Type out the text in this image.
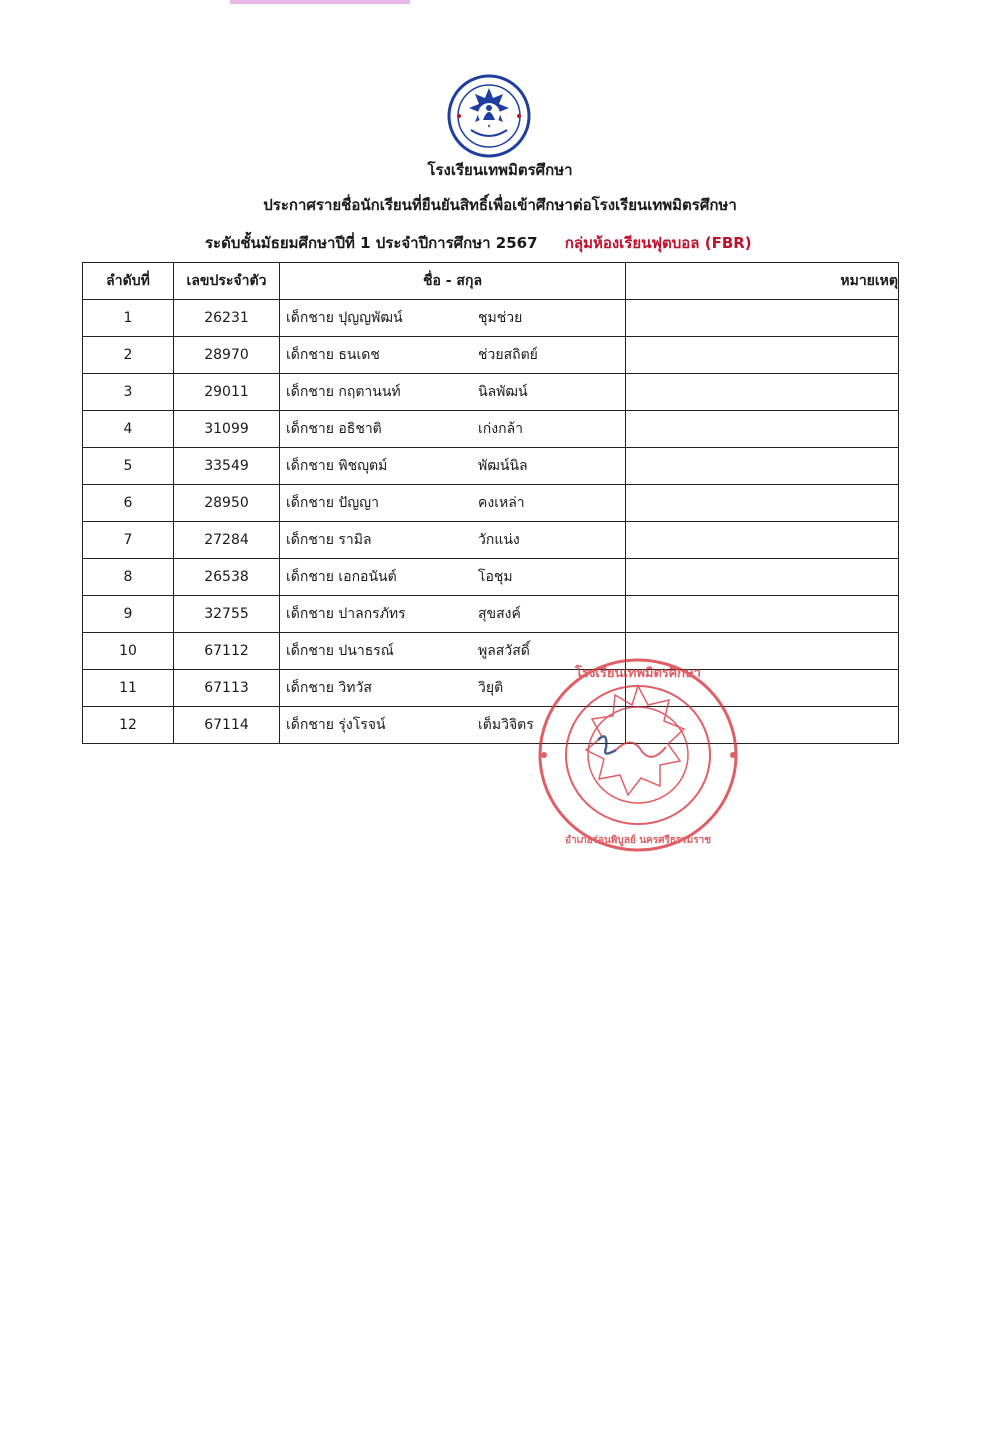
โรงเรียนเทพมิตรศึกษา
ประกาศรายชื่อนักเรียนที่ยืนยันสิทธิ์เพื่อเข้าศึกษาต่อโรงเรียนเทพมิตรศึกษา
ระดับชั้นมัธยมศึกษาปีที่ 1 ประจำปีการศึกษา 2567 กลุ่มห้องเรียนฟุตบอล (FBR)
ลำดับที่	เลขประจำตัว	ชื่อ - สกุล	หมายเหตุ
1	26231	เด็กชาย ปุญญพัฒน์ ชุมช่วย	

2	28970	เด็กชาย ธนเดช ช่วยสถิตย์	

3	29011	เด็กชาย กฤตานนท์ นิลพัฒน์	

4	31099	เด็กชาย อธิชาติ เก่งกล้า	

5	33549	เด็กชาย พิชญุตม์ พัฒน์นิล	

6	28950	เด็กชาย ปัญญา คงเหล่า	

7	27284	เด็กชาย รามิล วักแน่ง	

8	26538	เด็กชาย เอกอนันต์ โอชุม	

9	32755	เด็กชาย ปาลกรภัทร สุขสงค์	

10	67112	เด็กชาย ปนาธรณ์ พูลสวัสดิ์	

11	67113	เด็กชาย วิทวัส วิยุติ	

12	67114	เด็กชาย รุ่งโรจน์ เต็มวิจิตร	

โรงเรียนเทพมิตรศึกษา
อำเภอร่อนพิบูลย์ นครศรีธรรมราช
